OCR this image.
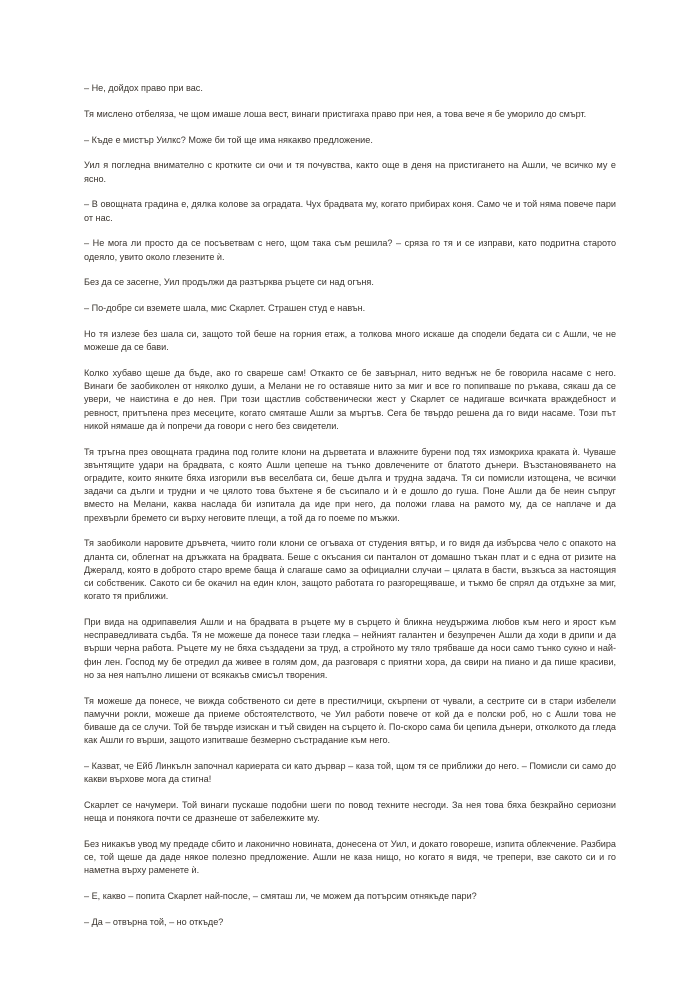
– Не, дойдох право при вас.

Тя мислено отбеляза, че щом имаше лоша вест, винаги пристигаха право при нея, а това вече я бе уморило до смърт.

– Къде е мистър Уилкс? Може би той ще има някакво предложение.

Уил я погледна внимателно с кротките си очи и тя почувства, както още в деня на пристигането на Ашли, че всичко му е ясно.

– В овощната градина е, дялка колове за оградата. Чух брадвата му, когато прибирах коня. Само че и той няма повече пари от нас.

– Не мога ли просто да се посъветвам с него, щом така съм решила? – сряза го тя и се изправи, като подритна старото одеяло, увито около глезените ѝ.

Без да се засегне, Уил продължи да разтърква ръцете си над огъня.

– По-добре си вземете шала, мис Скарлет. Страшен студ е навън.

Но тя излезе без шала си, защото той беше на горния етаж, а толкова много искаше да сподели бедата си с Ашли, че не можеше да се бави.

Колко хубаво щеше да бъде, ако го свареше сам! Откакто се бе завърнал, нито веднъж не бе говорила насаме с него. Винаги бе заобиколен от няколко души, а Мелани не го оставяше нито за миг и все го попипваше по ръкава, сякаш да се увери, че наистина е до нея. При този щастлив собственически жест у Скарлет се надигаше всичката враждебност и ревност, притъпена през месеците, когато смяташе Ашли за мъртъв. Сега бе твърдо решена да го види насаме. Този път никой нямаше да ѝ попречи да говори с него без свидетели.

Тя тръгна през овощната градина под голите клони на дърветата и влажните бурени под тях измокриха краката ѝ. Чуваше звънтящите удари на брадвата, с която Ашли цепеше на тънко довлечените от блатото дънери. Възстановяването на оградите, които янките бяха изгорили във веселбата си, беше дълга и трудна задача. Тя си помисли изтощена, че всички задачи са дълги и трудни и че цялото това бъхтене я бе съсипало и ѝ е дошло до гуша. Поне Ашли да бе неин съпруг вместо на Мелани, каква наслада би изпитала да иде при него, да положи глава на рамото му, да се наплаче и да прехвърли бремето си върху неговите плещи, а той да го поеме по мъжки.

Тя заобиколи наровите дръвчета, чиито голи клони се огъваха от студения вятър, и го видя да избърсва чело с опакото на дланта си, облегнат на дръжката на брадвата. Беше с окъсания си панталон от домашно тъкан плат и с една от ризите на Джералд, която в доброто старо време баща ѝ слагаше само за официални случаи – цялата в басти, възкъса за настоящия си собственик. Сакото си бе окачил на един клон, защото работата го разгорещяваше, и тъкмо бе спрял да отдъхне за миг, когато тя приближи.

При вида на одрипавелия Ашли и на брадвата в ръцете му в сърцето ѝ бликна неудържима любов към него и ярост към несправедливата съдба. Тя не можеше да понесе тази гледка – нейният галантен и безупречен Ашли да ходи в дрипи и да върши черна работа. Ръцете му не бяха създадени за труд, а стройното му тяло трябваше да носи само тънко сукно и най-фин лен. Господ му бе отредил да живее в голям дом, да разговаря с приятни хора, да свири на пиано и да пише красиви, но за нея напълно лишени от всякакъв смисъл творения.

Тя можеше да понесе, че вижда собственото си дете в престилчици, скърпени от чували, а сестрите си в стари избелели памучни рокли, можеше да приеме обстоятелството, че Уил работи повече от кой да е полски роб, но с Ашли това не биваше да се случи. Той бе твърде изискан и тъй свиден на сърцето ѝ. По-скоро сама би цепила дънери, отколкото да гледа как Ашли го върши, защото изпитваше безмерно състрадание към него.

– Казват, че Ейб Линкълн започнал кариерата си като дървар – каза той, щом тя се приближи до него. – Помисли си само до какви върхове мога да стигна!

Скарлет се начумери. Той винаги пускаше подобни шеги по повод техните несгоди. За нея това бяха безкрайно сериозни неща и понякога почти се дразнеше от забележките му.

Без никакъв увод му предаде сбито и лаконично новината, донесена от Уил, и докато говореше, изпита облекчение. Разбира се, той щеше да даде някое полезно предложение. Ашли не каза нищо, но когато я видя, че трепери, взе сакото си и го наметна върху раменете ѝ.

– Е, какво – попита Скарлет най-после, – смяташ ли, че можем да потърсим отнякъде пари?

– Да – отвърна той, – но откъде?
